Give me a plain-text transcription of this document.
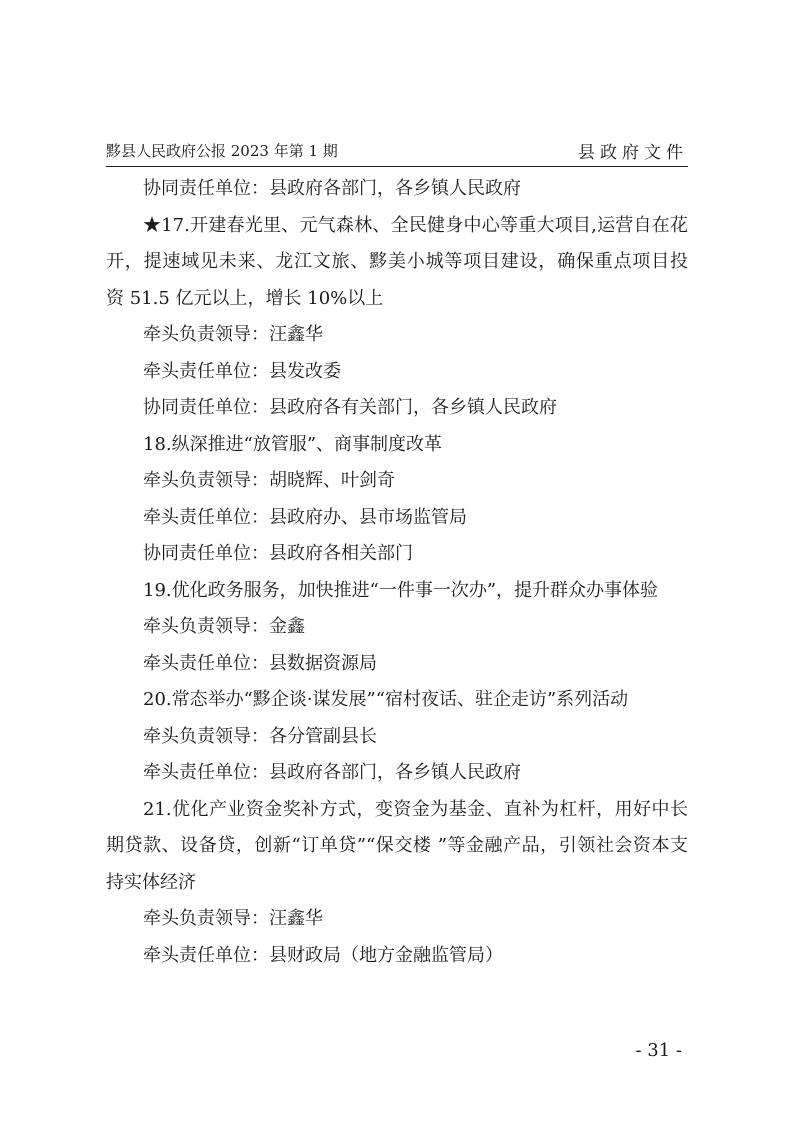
黟县人民政府公报 2023 年第 1 期	县政府文件
协同责任单位：县政府各部门，各乡镇人民政府
★17.开建春光里、元气森林、全民健身中心等重大项目,运营自在花
开，提速域见未来、龙江文旅、黟美小城等项目建设，确保重点项目投
资 51.5 亿元以上，增长 10%以上
牵头负责领导：汪鑫华
牵头责任单位：县发改委
协同责任单位：县政府各有关部门，各乡镇人民政府
18.纵深推进“放管服”、商事制度改革
牵头负责领导：胡晓辉、叶剑奇
牵头责任单位：县政府办、县市场监管局
协同责任单位：县政府各相关部门
19.优化政务服务，加快推进“一件事一次办”，提升群众办事体验
牵头负责领导：金鑫
牵头责任单位：县数据资源局
20.常态举办“黟企谈·谋发展”“宿村夜话、驻企走访”系列活动
牵头负责领导：各分管副县长
牵头责任单位：县政府各部门，各乡镇人民政府
21.优化产业资金奖补方式，变资金为基金、直补为杠杆，用好中长
期贷款、设备贷，创新“订单贷”“保交楼 ”等金融产品，引领社会资本支
持实体经济
牵头负责领导：汪鑫华
牵头责任单位：县财政局（地方金融监管局）
- 31 -
